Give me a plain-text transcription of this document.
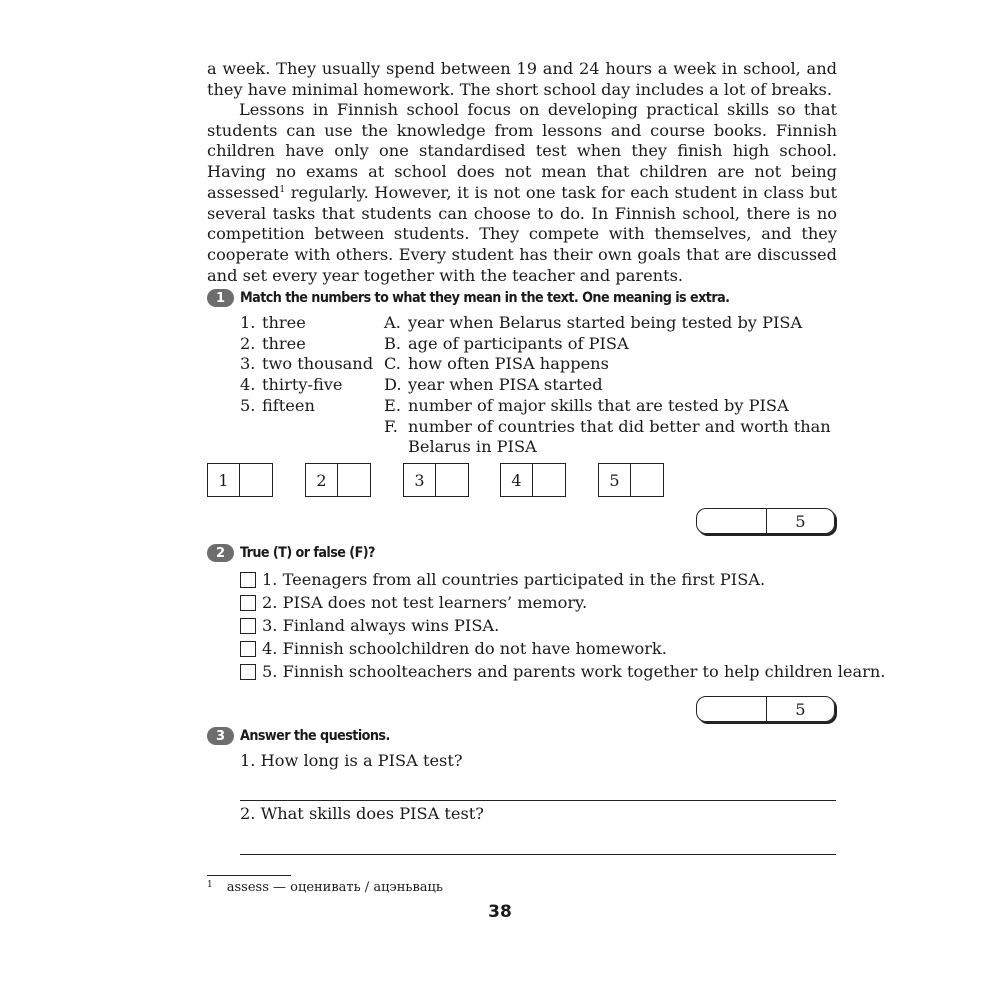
a week. They usually spend between 19 and 24 hours a week in school, and they have minimal homework. The short school day includes a lot of breaks.
Lessons in Finnish school focus on developing practical skills so that students can use the knowledge from lessons and course books. Finnish children have only one standardised test when they finish high school. Having no exams at school does not mean that children are not being assessed$^1$ regularly. However, it is not one task for each student in class but several tasks that students can choose to do. In Finnish school, there is no competition between students. They compete with themselves, and they cooperate with others. Every student has their own goals that are discussed and set every year together with the teacher and parents.
1	Match the numbers to what they mean in the text. One meaning is extra.
1. three
2. three
3. two thousand
4. thirty-five
5. fifteen
A. year when Belarus started being tested by PISA
B. age of participants of PISA
C. how often PISA happens
D. year when PISA started
E. number of major skills that are tested by PISA
F. number of countries that did better and worth than
Belarus in PISA
1	2	3	4	5
5
2	True (T) or false (F)?
1. Teenagers from all countries participated in the first PISA.
2. PISA does not test learners’ memory.
3. Finland always wins PISA.
4. Finnish schoolchildren do not have homework.
5. Finnish schoolteachers and parents work together to help children learn.
5
3	Answer the questions.
1. How long is a PISA test?
2. What skills does PISA test?
$^1$ assess — оценивать / ацэньваць
38
